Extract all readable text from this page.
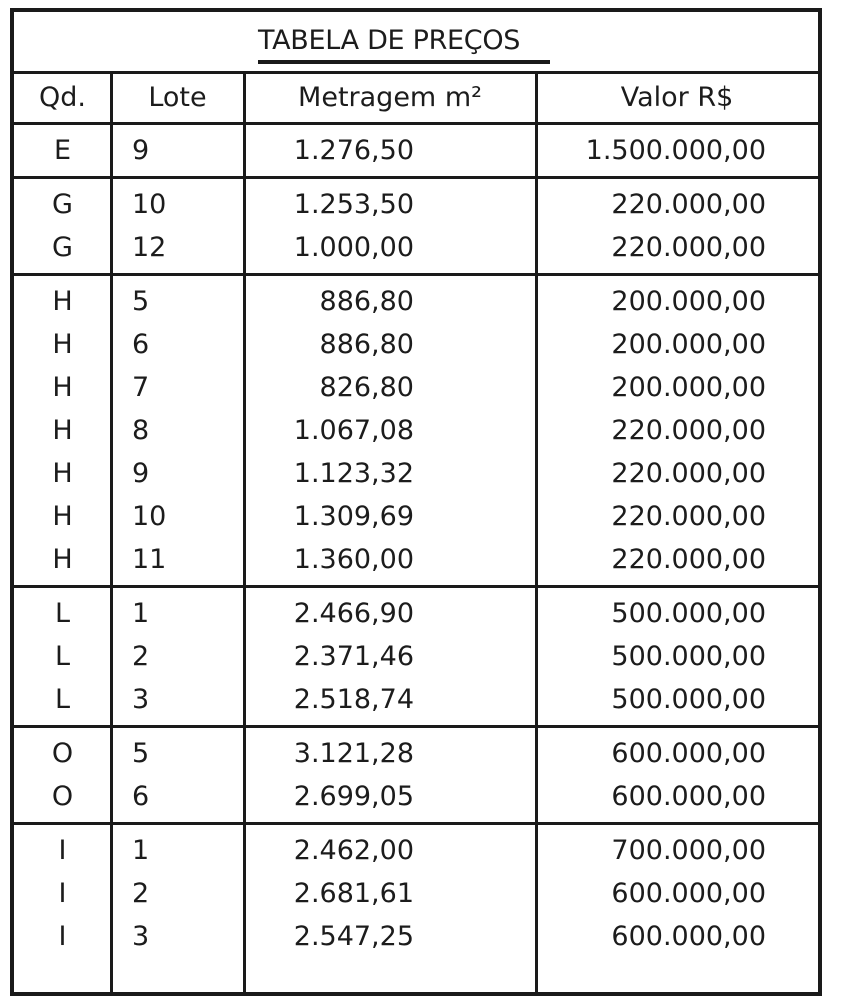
TABELA DE PREÇOS
Qd.	Lote	Metragem m²	Valor R$
E	9	1.276,50	1.500.000,00
G	10	1.253,50	220.000,00
G	12	1.000,00	220.000,00
H	5	886,80	200.000,00
H	6	886,80	200.000,00
H	7	826,80	200.000,00
H	8	1.067,08	220.000,00
H	9	1.123,32	220.000,00
H	10	1.309,69	220.000,00
H	11	1.360,00	220.000,00
L	1	2.466,90	500.000,00
L	2	2.371,46	500.000,00
L	3	2.518,74	500.000,00
O	5	3.121,28	600.000,00
O	6	2.699,05	600.000,00
I	1	2.462,00	700.000,00
I	2	2.681,61	600.000,00
I	3	2.547,25	600.000,00
